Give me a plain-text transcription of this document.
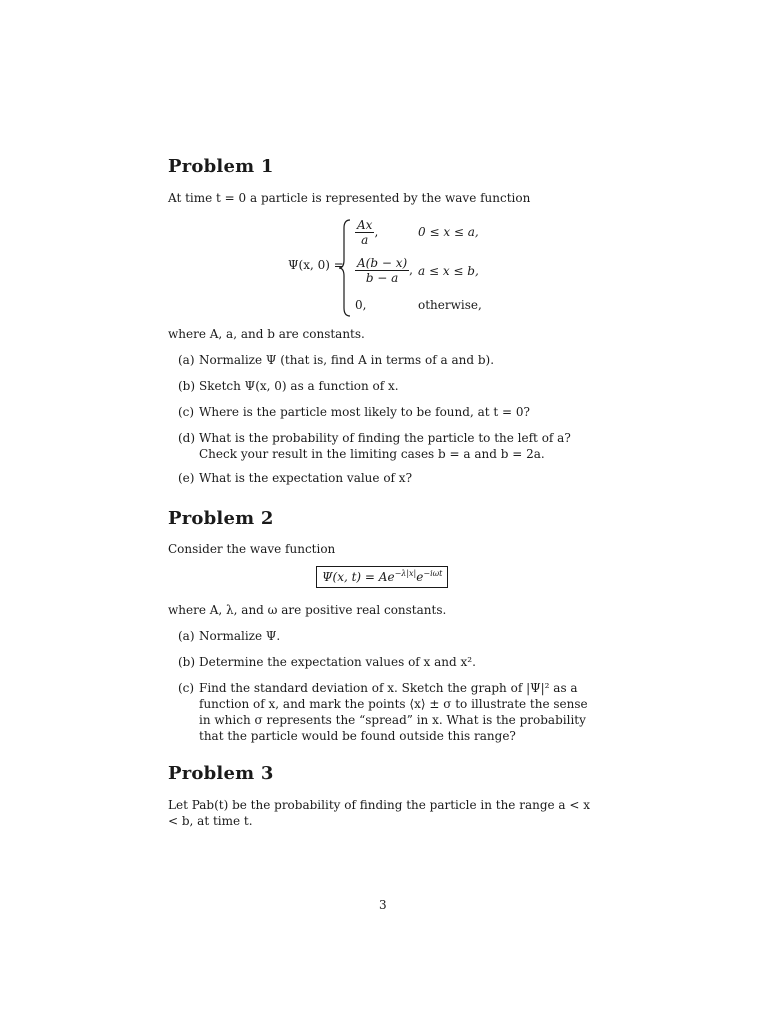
Problem 1

At time t = 0 a particle is represented by the wave function

Ψ(x, 0) =
$\frac{Ax}{a}$ ,	0 ≤ x ≤ a,
$\frac{A(b - x)}{b - a}$ , a ≤ x ≤ b,
0,	otherwise,

where A, a, and b are constants.

(a) Normalize Ψ (that is, find A in terms of a and b).
(b) Sketch Ψ(x, 0) as a function of x.
(c) Where is the particle most likely to be found, at t = 0?
(d) What is the probability of finding the particle to the left of a? Check your result in the limiting cases b = a and b = 2a.
(e) What is the expectation value of x?
Problem 2

Consider the wave function

Ψ(x, $t) = Ae^{-\lambda|x|}e^{-i\omega t}$

where A, λ, and ω are positive real constants.

(a) Normalize Ψ.
(b) Determine the expectation values of x and x².
(c) Find the standard deviation of x. Sketch the graph of |Ψ|² as a function of x, and mark the points ⟨x⟩ ± σ to illustrate the sense in which σ represents the “spread” in x. What is the probability that the particle would be found outside this range?
Problem 3

Let Pab(t) be the probability of finding the particle in the range a < x < b, at time t.

3
